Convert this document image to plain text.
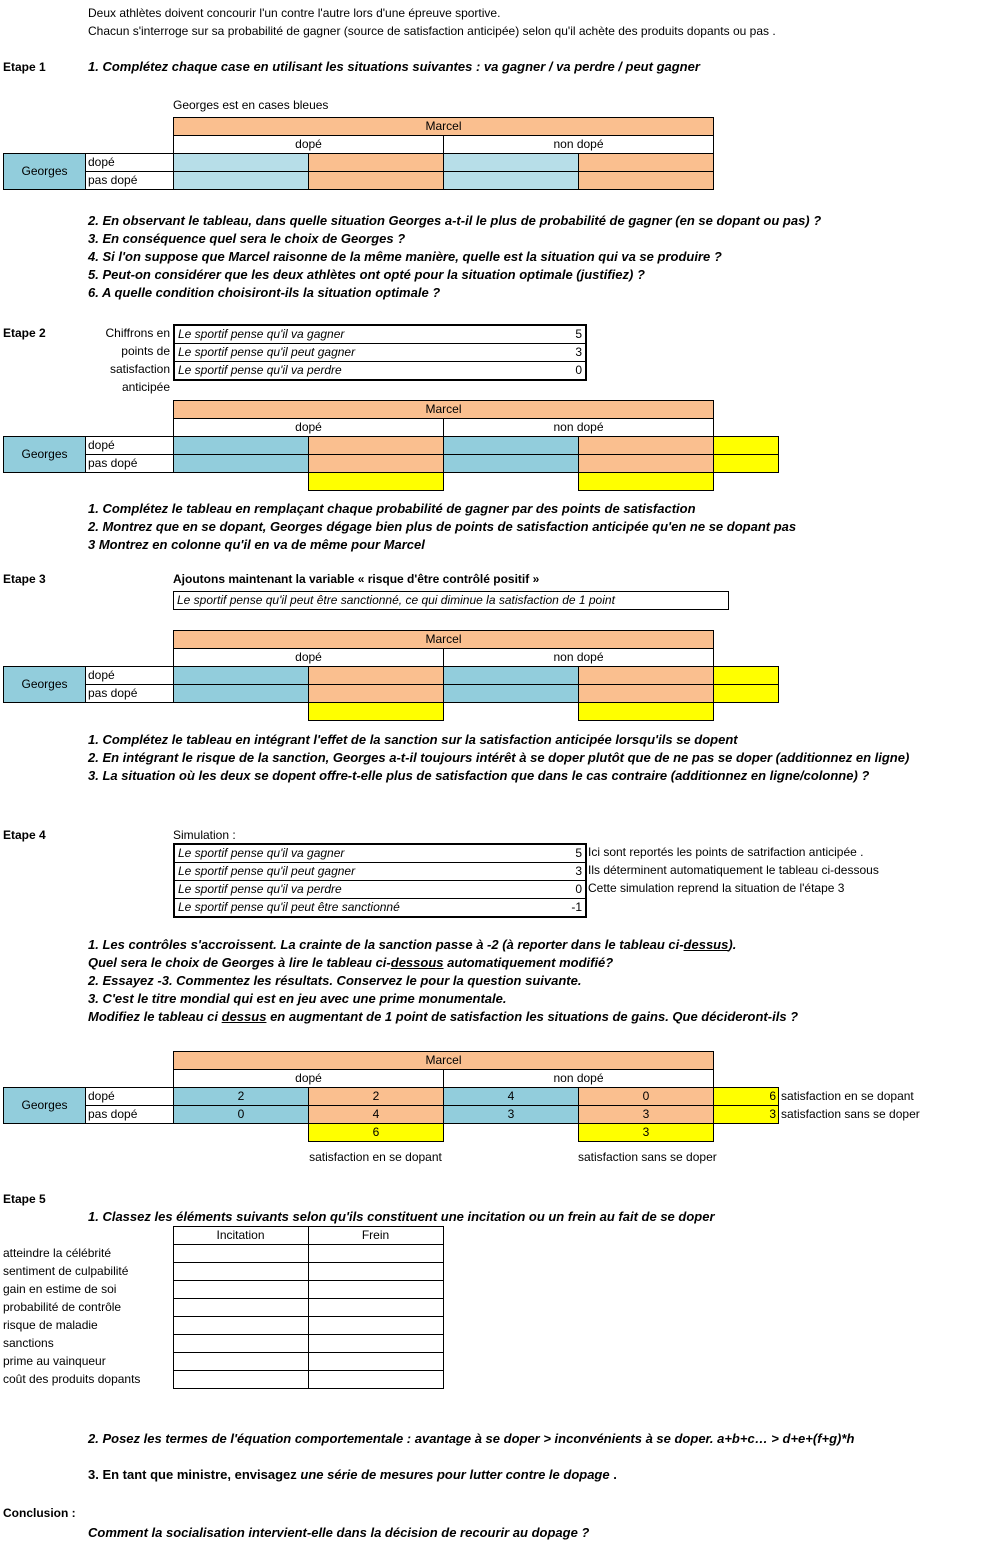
Deux athlètes doivent concourir l'un contre l'autre lors d'une épreuve sportive.
Chacun s'interroge sur sa probabilité de gagner (source de satisfaction anticipée) selon qu'il achète des produits dopants ou pas .
Etape 1	1. Complétez chaque case en utilisant les situations suivantes : va gagner / va perdre / peut gagner
Georges est en cases bleues
		Marcel			
		dopé		non dopé	
Georges	dopé				
	pas dopé				
2. En observant le tableau, dans quelle situation Georges a-t-il le plus de probabilité de gagner (en se dopant ou pas) ?
3. En conséquence quel sera le choix de Georges ?
4. Si l'on suppose que Marcel raisonne de la même manière, quelle est la situation qui va se produire ?
5. Peut-on considérer que les deux athlètes ont opté pour la situation optimale (justifiez) ?
6. A quelle condition choisiront-ils la situation optimale ?
Etape 2	Chiffrons en
points de
satisfaction
anticipée
Le sportif pense qu'il va gagner	5
Le sportif pense qu'il peut gagner	3
Le sportif pense qu'il va perdre	0
		Marcel				
		dopé		non dopé		
Georges	dopé					
	pas dopé					

1. Complétez le tableau en remplaçant chaque probabilité de gagner par des points de satisfaction
2. Montrez que en se dopant, Georges dégage bien plus de points de satisfaction anticipée qu'en ne se dopant pas
3 Montrez en colonne qu'il en va de même pour Marcel
Etape 3	Ajoutons maintenant la variable « risque d'être contrôlé positif »
Le sportif pense qu'il peut être sanctionné, ce qui diminue la satisfaction de 1 point
		Marcel				
		dopé		non dopé		
Georges	dopé					
	pas dopé					

1. Complétez le tableau en intégrant l'effet de la sanction sur la satisfaction anticipée lorsqu'ils se dopent
2. En intégrant le risque de la sanction, Georges a-t-il toujours intérêt à se doper plutôt que de ne pas se doper (additionnez en ligne)
3. La situation où les deux se dopent offre-t-elle plus de satisfaction que dans le cas contraire (additionnez en ligne/colonne) ?
Etape 4	Simulation :
Le sportif pense qu'il va gagner	5
Le sportif pense qu'il peut gagner	3
Le sportif pense qu'il va perdre	0
Le sportif pense qu'il peut être sanctionné	-1
Ici sont reportés les points de satrifaction anticipée .
Ils déterminent automatiquement le tableau ci-dessous
Cette simulation reprend la situation de l'étape 3
1. Les contrôles s'accroissent. La crainte de la sanction passe à -2 (à reporter dans le tableau ci-dessus).
Quel sera le choix de Georges à lire le tableau ci-dessous automatiquement modifié?
2. Essayez -3. Commentez les résultats. Conservez le pour la question suivante.
3. C'est le titre mondial qui est en jeu avec une prime monumentale.
Modifiez le tableau ci dessus en augmentant de 1 point de satisfaction les situations de gains. Que décideront-ils ?
		Marcel				
		dopé		non dopé		
Georges	dopé	2	2	4	0	6
	pas dopé	0	4	3	3	3
			6		3	
satisfaction en se dopant
satisfaction sans se doper
satisfaction en se dopant	satisfaction sans se doper
Etape 5
1. Classez les éléments suivants selon qu'ils constituent une incitation ou un frein au fait de se doper
	Incitation	Frein
atteindre la célébrité		
sentiment de culpabilité		
gain en estime de soi		
probabilité de contrôle		
risque de maladie		
sanctions		
prime au vainqueur		
coût des produits dopants		
2. Posez les termes de l'équation comportementale : avantage à se doper > inconvénients à se doper. a+b+c… > d+e+(f+g)*h
3. En tant que ministre, envisagez une série de mesures pour lutter contre le dopage .
Conclusion :
Comment la socialisation intervient-elle dans la décision de recourir au dopage ?
